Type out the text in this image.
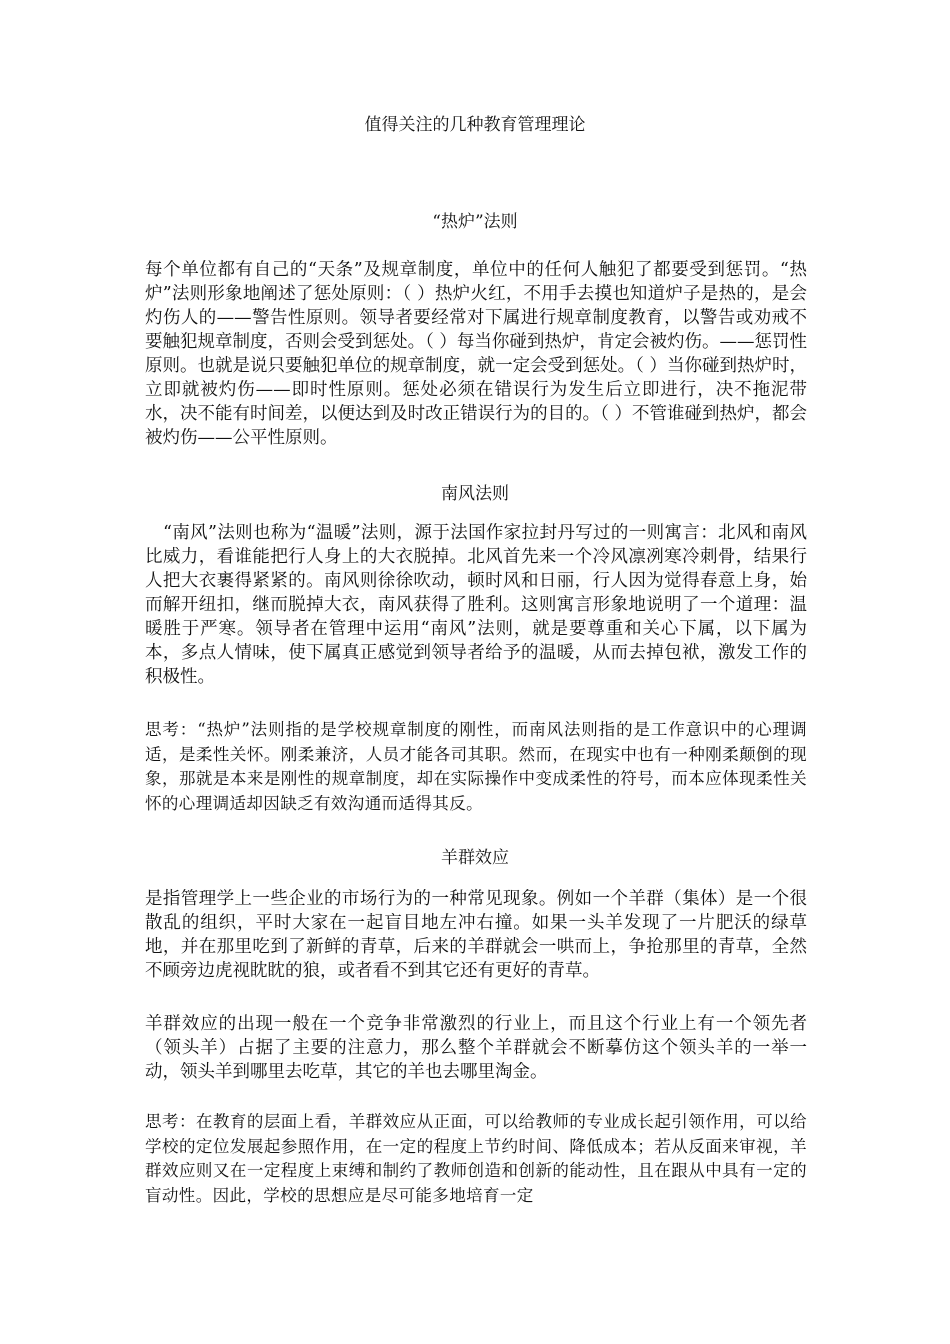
值得关注的几种教育管理理论
“热炉”法则

每个单位都有自己的“天条”及规章制度，单位中的任何人触犯了都要受到惩罚。“热炉”法则形象地阐述了惩处原则：（ ）热炉火红，不用手去摸也知道炉子是热的，是会灼伤人的——警告性原则。领导者要经常对下属进行规章制度教育，以警告或劝戒不要触犯规章制度，否则会受到惩处。（ ）每当你碰到热炉，肯定会被灼伤。——惩罚性原则。也就是说只要触犯单位的规章制度，就一定会受到惩处。（ ）当你碰到热炉时，立即就被灼伤——即时性原则。惩处必须在错误行为发生后立即进行，决不拖泥带水，决不能有时间差，以便达到及时改正错误行为的目的。（ ）不管谁碰到热炉，都会被灼伤——公平性原则。

南风法则

“南风”法则也称为“温暖”法则，源于法国作家拉封丹写过的一则寓言：北风和南风比威力，看谁能把行人身上的大衣脱掉。北风首先来一个冷风凛冽寒冷刺骨，结果行人把大衣裹得紧紧的。南风则徐徐吹动，顿时风和日丽，行人因为觉得春意上身，始而解开纽扣，继而脱掉大衣，南风获得了胜利。这则寓言形象地说明了一个道理：温暖胜于严寒。领导者在管理中运用“南风”法则，就是要尊重和关心下属，以下属为本，多点人情味，使下属真正感觉到领导者给予的温暖，从而去掉包袱，激发工作的积极性。

思考：“热炉”法则指的是学校规章制度的刚性，而南风法则指的是工作意识中的心理调适，是柔性关怀。刚柔兼济，人员才能各司其职。然而，在现实中也有一种刚柔颠倒的现象，那就是本来是刚性的规章制度，却在实际操作中变成柔性的符号，而本应体现柔性关怀的心理调适却因缺乏有效沟通而适得其反。

羊群效应

是指管理学上一些企业的市场行为的一种常见现象。例如一个羊群（集体）是一个很散乱的组织，平时大家在一起盲目地左冲右撞。如果一头羊发现了一片肥沃的绿草地，并在那里吃到了新鲜的青草，后来的羊群就会一哄而上，争抢那里的青草，全然不顾旁边虎视眈眈的狼，或者看不到其它还有更好的青草。

羊群效应的出现一般在一个竞争非常激烈的行业上，而且这个行业上有一个领先者（领头羊）占据了主要的注意力，那么整个羊群就会不断摹仿这个领头羊的一举一动，领头羊到哪里去吃草，其它的羊也去哪里淘金。

思考：在教育的层面上看，羊群效应从正面，可以给教师的专业成长起引领作用，可以给学校的定位发展起参照作用，在一定的程度上节约时间、降低成本；若从反面来审视，羊群效应则又在一定程度上束缚和制约了教师创造和创新的能动性，且在跟从中具有一定的盲动性。因此，学校的思想应是尽可能多地培育一定
